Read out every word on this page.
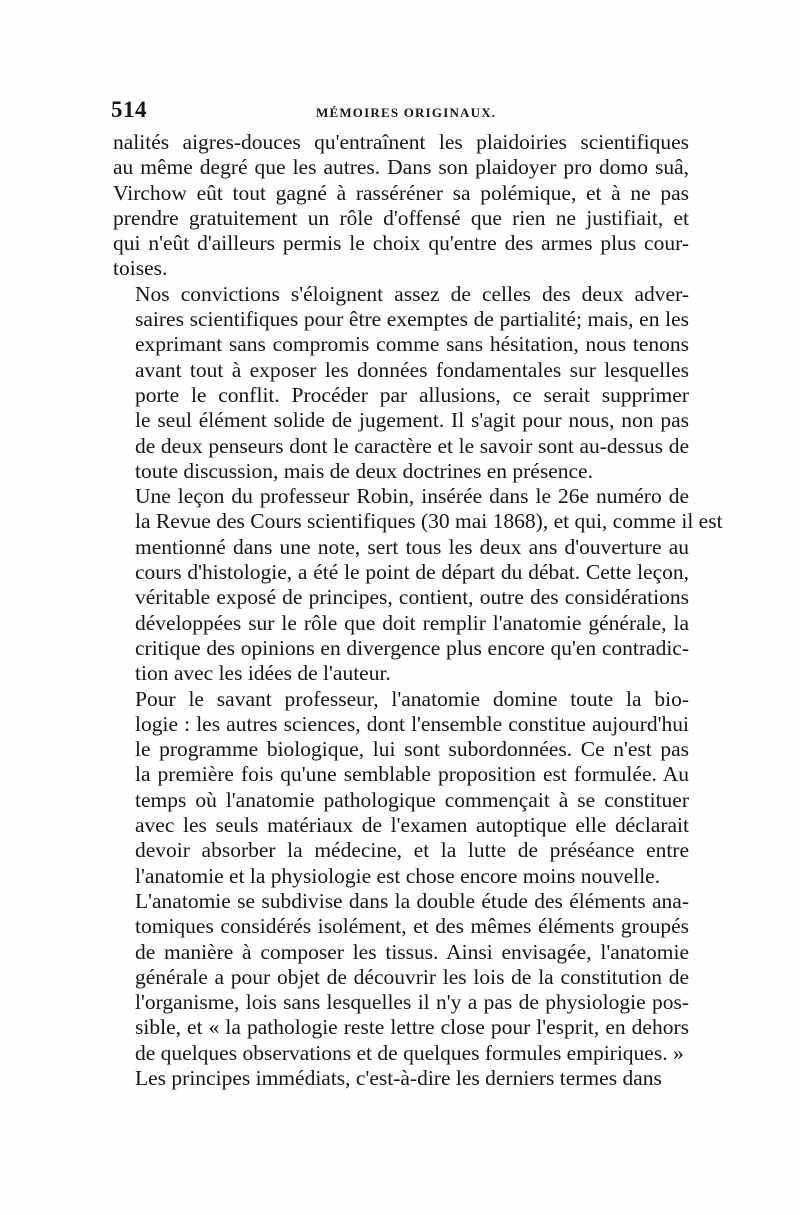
514	MÉMOIRES ORIGINAUX.
nalités aigres-douces qu'entraînent les plaidoiries scientifiques
au même degré que les autres. Dans son plaidoyer pro domo suâ,
Virchow eût tout gagné à rasséréner sa polémique, et à ne pas
prendre gratuitement un rôle d'offensé que rien ne justifiait, et
qui n'eût d'ailleurs permis le choix qu'entre des armes plus cour-
toises.
Nos convictions s'éloignent assez de celles des deux adver-
saires scientifiques pour être exemptes de partialité; mais, en les
exprimant sans compromis comme sans hésitation, nous tenons
avant tout à exposer les données fondamentales sur lesquelles
porte le conflit. Procéder par allusions, ce serait supprimer
le seul élément solide de jugement. Il s'agit pour nous, non pas
de deux penseurs dont le caractère et le savoir sont au-dessus de
toute discussion, mais de deux doctrines en présence.
Une leçon du professeur Robin, insérée dans le 26e numéro de
la Revue des Cours scientifiques (30 mai 1868), et qui, comme il est
mentionné dans une note, sert tous les deux ans d'ouverture au
cours d'histologie, a été le point de départ du débat. Cette leçon,
véritable exposé de principes, contient, outre des considérations
développées sur le rôle que doit remplir l'anatomie générale, la
critique des opinions en divergence plus encore qu'en contradic-
tion avec les idées de l'auteur.
Pour le savant professeur, l'anatomie domine toute la bio-
logie : les autres sciences, dont l'ensemble constitue aujourd'hui
le programme biologique, lui sont subordonnées. Ce n'est pas
la première fois qu'une semblable proposition est formulée. Au
temps où l'anatomie pathologique commençait à se constituer
avec les seuls matériaux de l'examen autoptique elle déclarait
devoir absorber la médecine, et la lutte de préséance entre
l'anatomie et la physiologie est chose encore moins nouvelle.
L'anatomie se subdivise dans la double étude des éléments ana-
tomiques considérés isolément, et des mêmes éléments groupés
de manière à composer les tissus. Ainsi envisagée, l'anatomie
générale a pour objet de découvrir les lois de la constitution de
l'organisme, lois sans lesquelles il n'y a pas de physiologie pos-
sible, et « la pathologie reste lettre close pour l'esprit, en dehors
de quelques observations et de quelques formules empiriques. »
Les principes immédiats, c'est-à-dire les derniers termes dans
